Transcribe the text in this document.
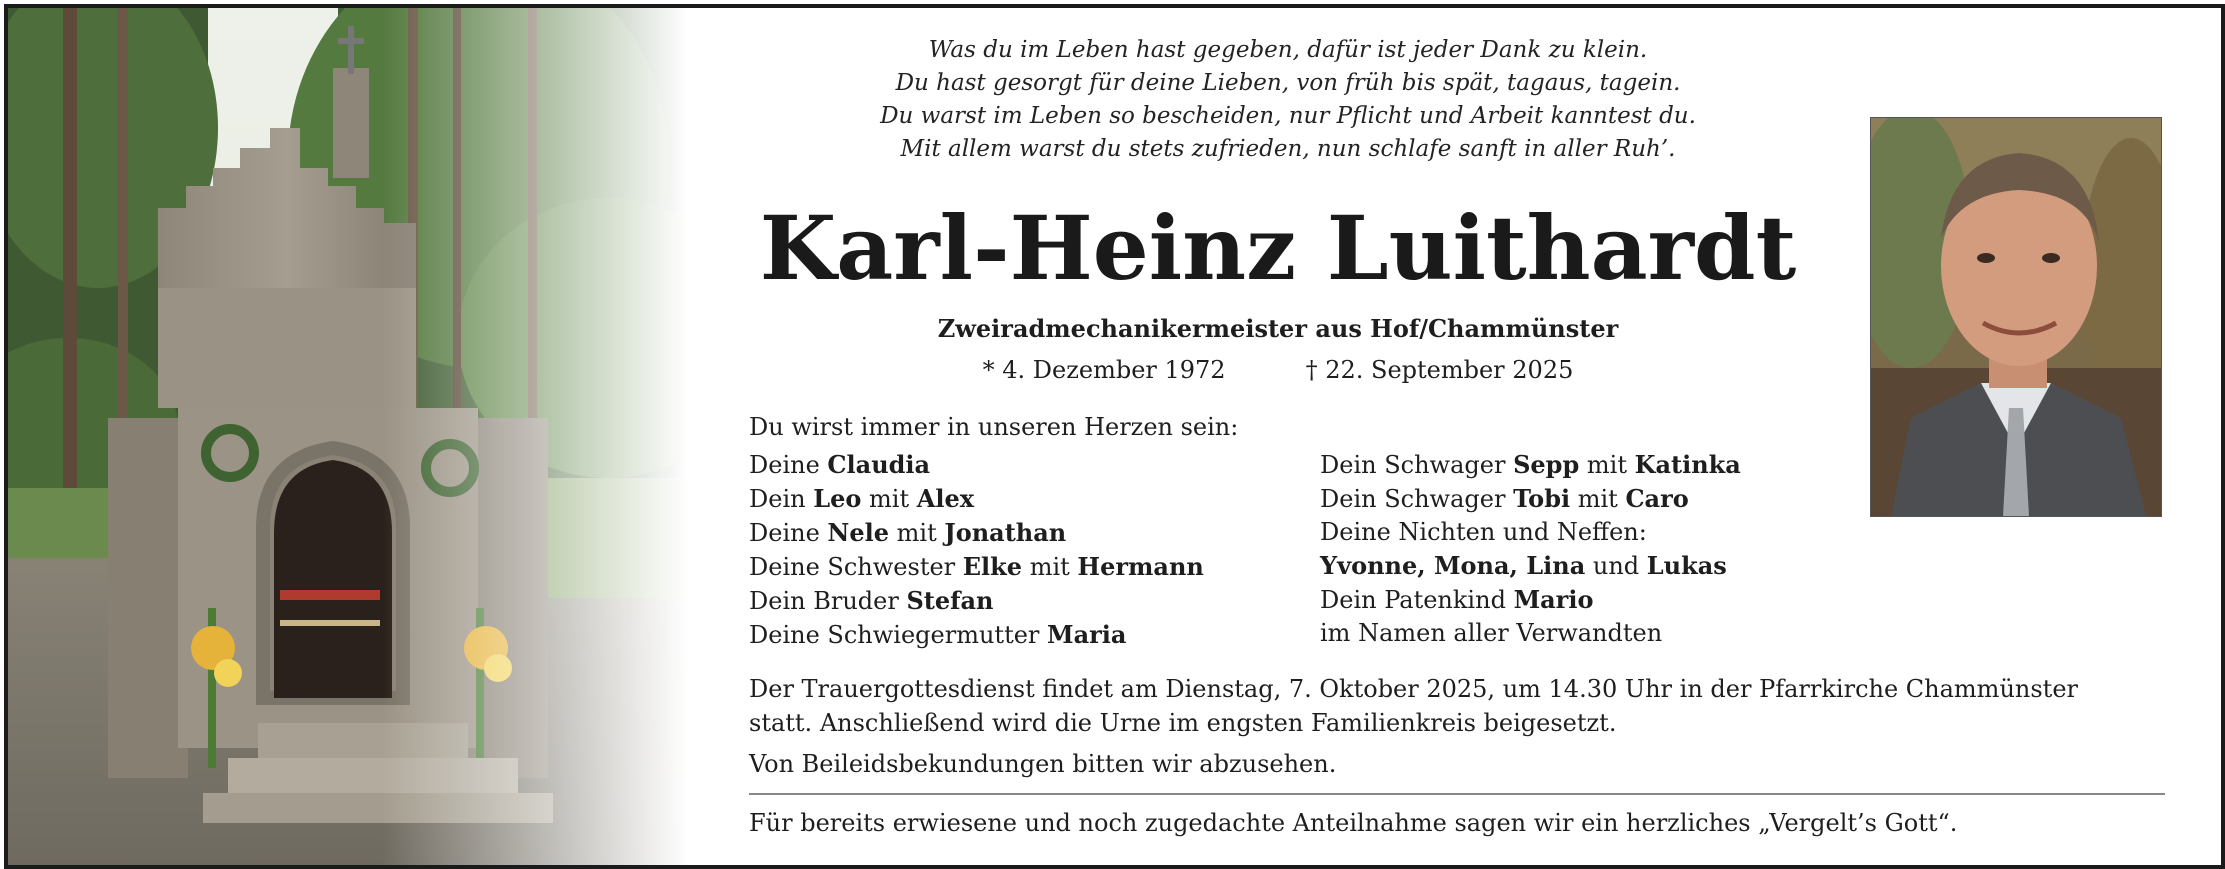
Was du im Leben hast gegeben, dafür ist jeder Dank zu klein.
Du hast gesorgt für deine Lieben, von früh bis spät, tagaus, tagein.
Du warst im Leben so bescheiden, nur Pflicht und Arbeit kanntest du.
Mit allem warst du stets zufrieden, nun schlafe sanft in aller Ruh’.
Karl-Heinz Luithardt
Zweiradmechanikermeister aus Hof/Chammünster
* 4. Dezember 1972	† 22. September 2025
Du wirst immer in unseren Herzen sein:
Deine Claudia
Dein Leo mit Alex
Deine Nele mit Jonathan
Deine Schwester Elke mit Hermann
Dein Bruder Stefan
Deine Schwiegermutter Maria
Dein Schwager Sepp mit Katinka
Dein Schwager Tobi mit Caro
Deine Nichten und Neffen:
Yvonne, Mona, Lina und Lukas
Dein Patenkind Mario
im Namen aller Verwandten
Der Trauergottesdienst findet am Dienstag, 7. Oktober 2025, um 14.30 Uhr in der Pfarrkirche Chammünster
statt. Anschließend wird die Urne im engsten Familienkreis beigesetzt.
Von Beileidsbekundungen bitten wir abzusehen.
Für bereits erwiesene und noch zugedachte Anteilnahme sagen wir ein herzliches „Vergelt’s Gott“.
